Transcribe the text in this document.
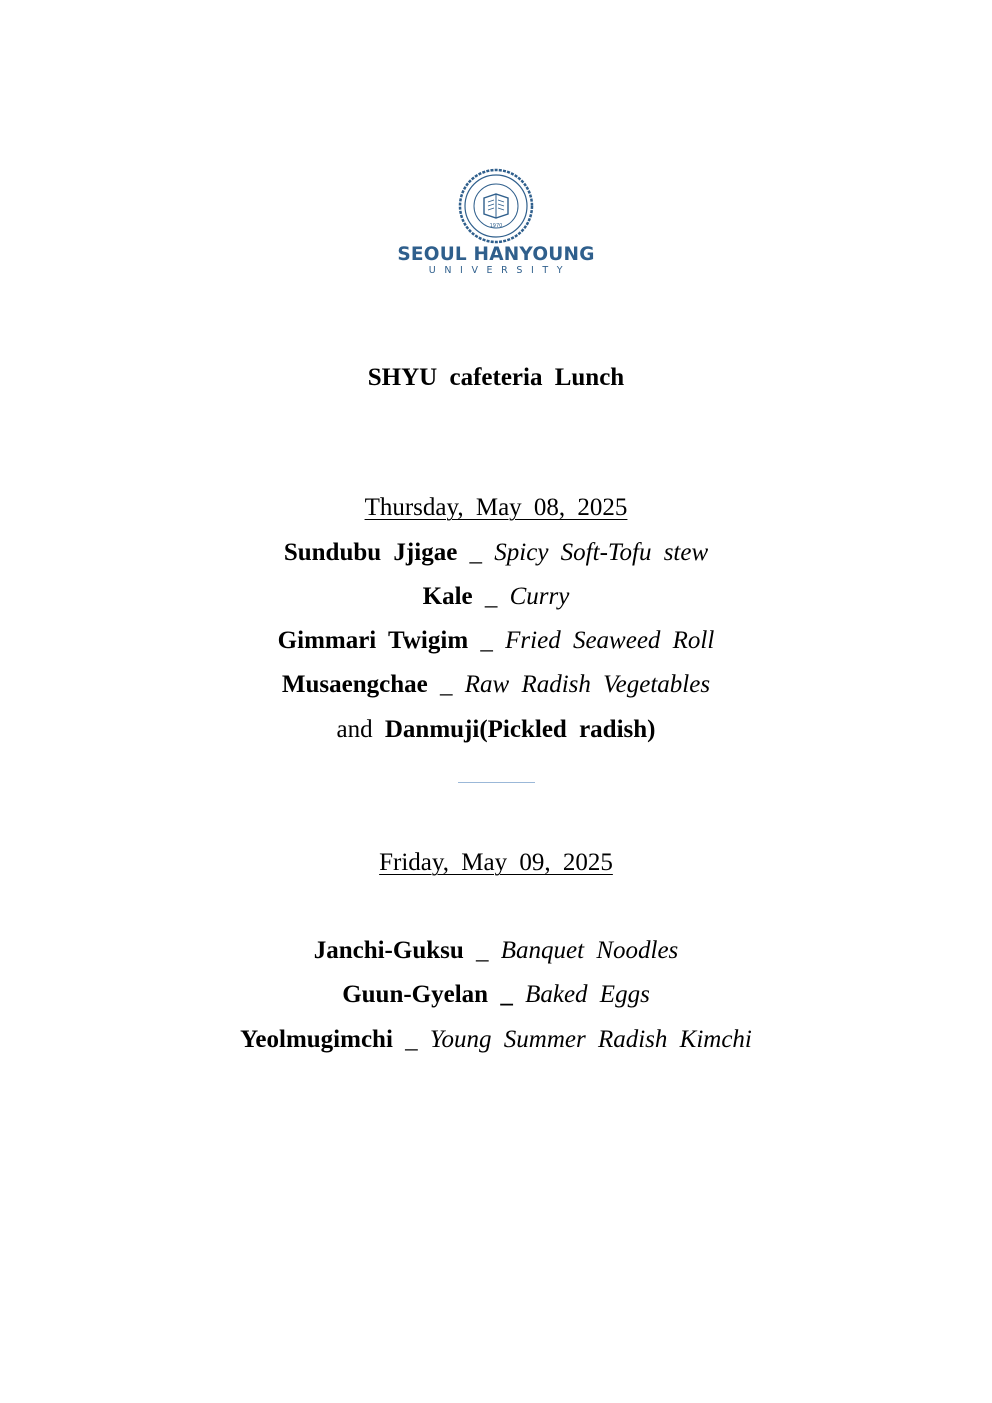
1970
SEOUL HANYOUNG
UNIVERSITY
SHYU cafeteria Lunch
Thursday, May 08, 2025
Sundubu Jjigae _ Spicy Soft-Tofu stew
Kale _ Curry
Gimmari Twigim _ Fried Seaweed Roll
Musaengchae _ Raw Radish Vegetables
and Danmuji(Pickled radish)
Friday, May 09, 2025
Janchi-Guksu _ Banquet Noodles
Guun-Gyelan _ Baked Eggs
Yeolmugimchi _ Young Summer Radish Kimchi
